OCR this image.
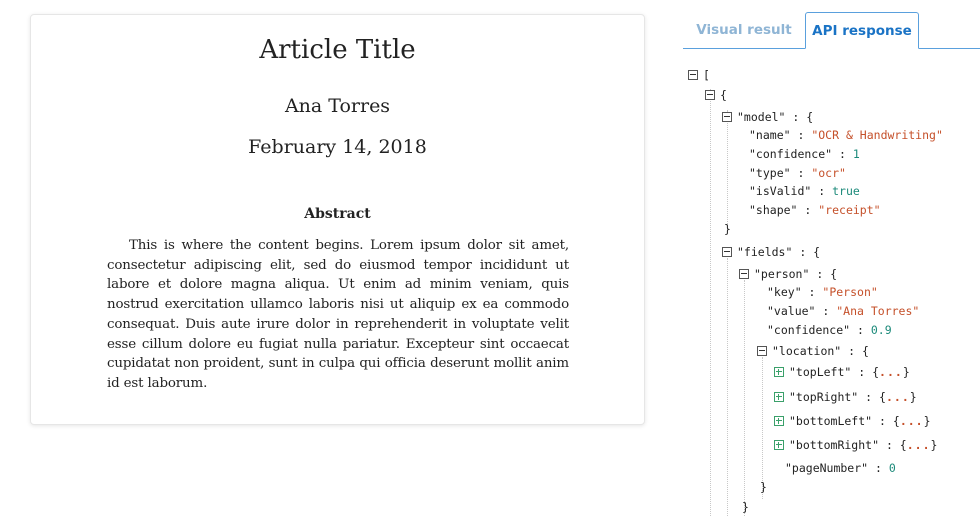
Article Title
Ana Torres
February 14, 2018
Abstract
This is where the content begins. Lorem ipsum dolor sit amet, consectetur adipiscing elit, sed do eiusmod tempor incididunt ut labore et dolore magna aliqua. Ut enim ad minim veniam, quis nostrud exercitation ullamco laboris nisi ut aliquip ex ea commodo consequat. Duis aute irure dolor in reprehenderit in voluptate velit esse cillum dolore eu fugiat nulla pariatur. Excepteur sint occaecat cupidatat non proident, sunt in culpa qui officia deserunt mollit anim id est laborum.
Visual result	API response
[
{
"model" : {
"name" : "OCR & Handwriting"
"confidence" : 1
"type" : "ocr"
"isValid" : true
"shape" : "receipt"
}
"fields" : {
"person" : {
"key" : "Person"
"value" : "Ana Torres"
"confidence" : 0.9
"location" : {
"topLeft" : {...}
"topRight" : {...}
"bottomLeft" : {...}
"bottomRight" : {...}
"pageNumber" : 0
}
}
